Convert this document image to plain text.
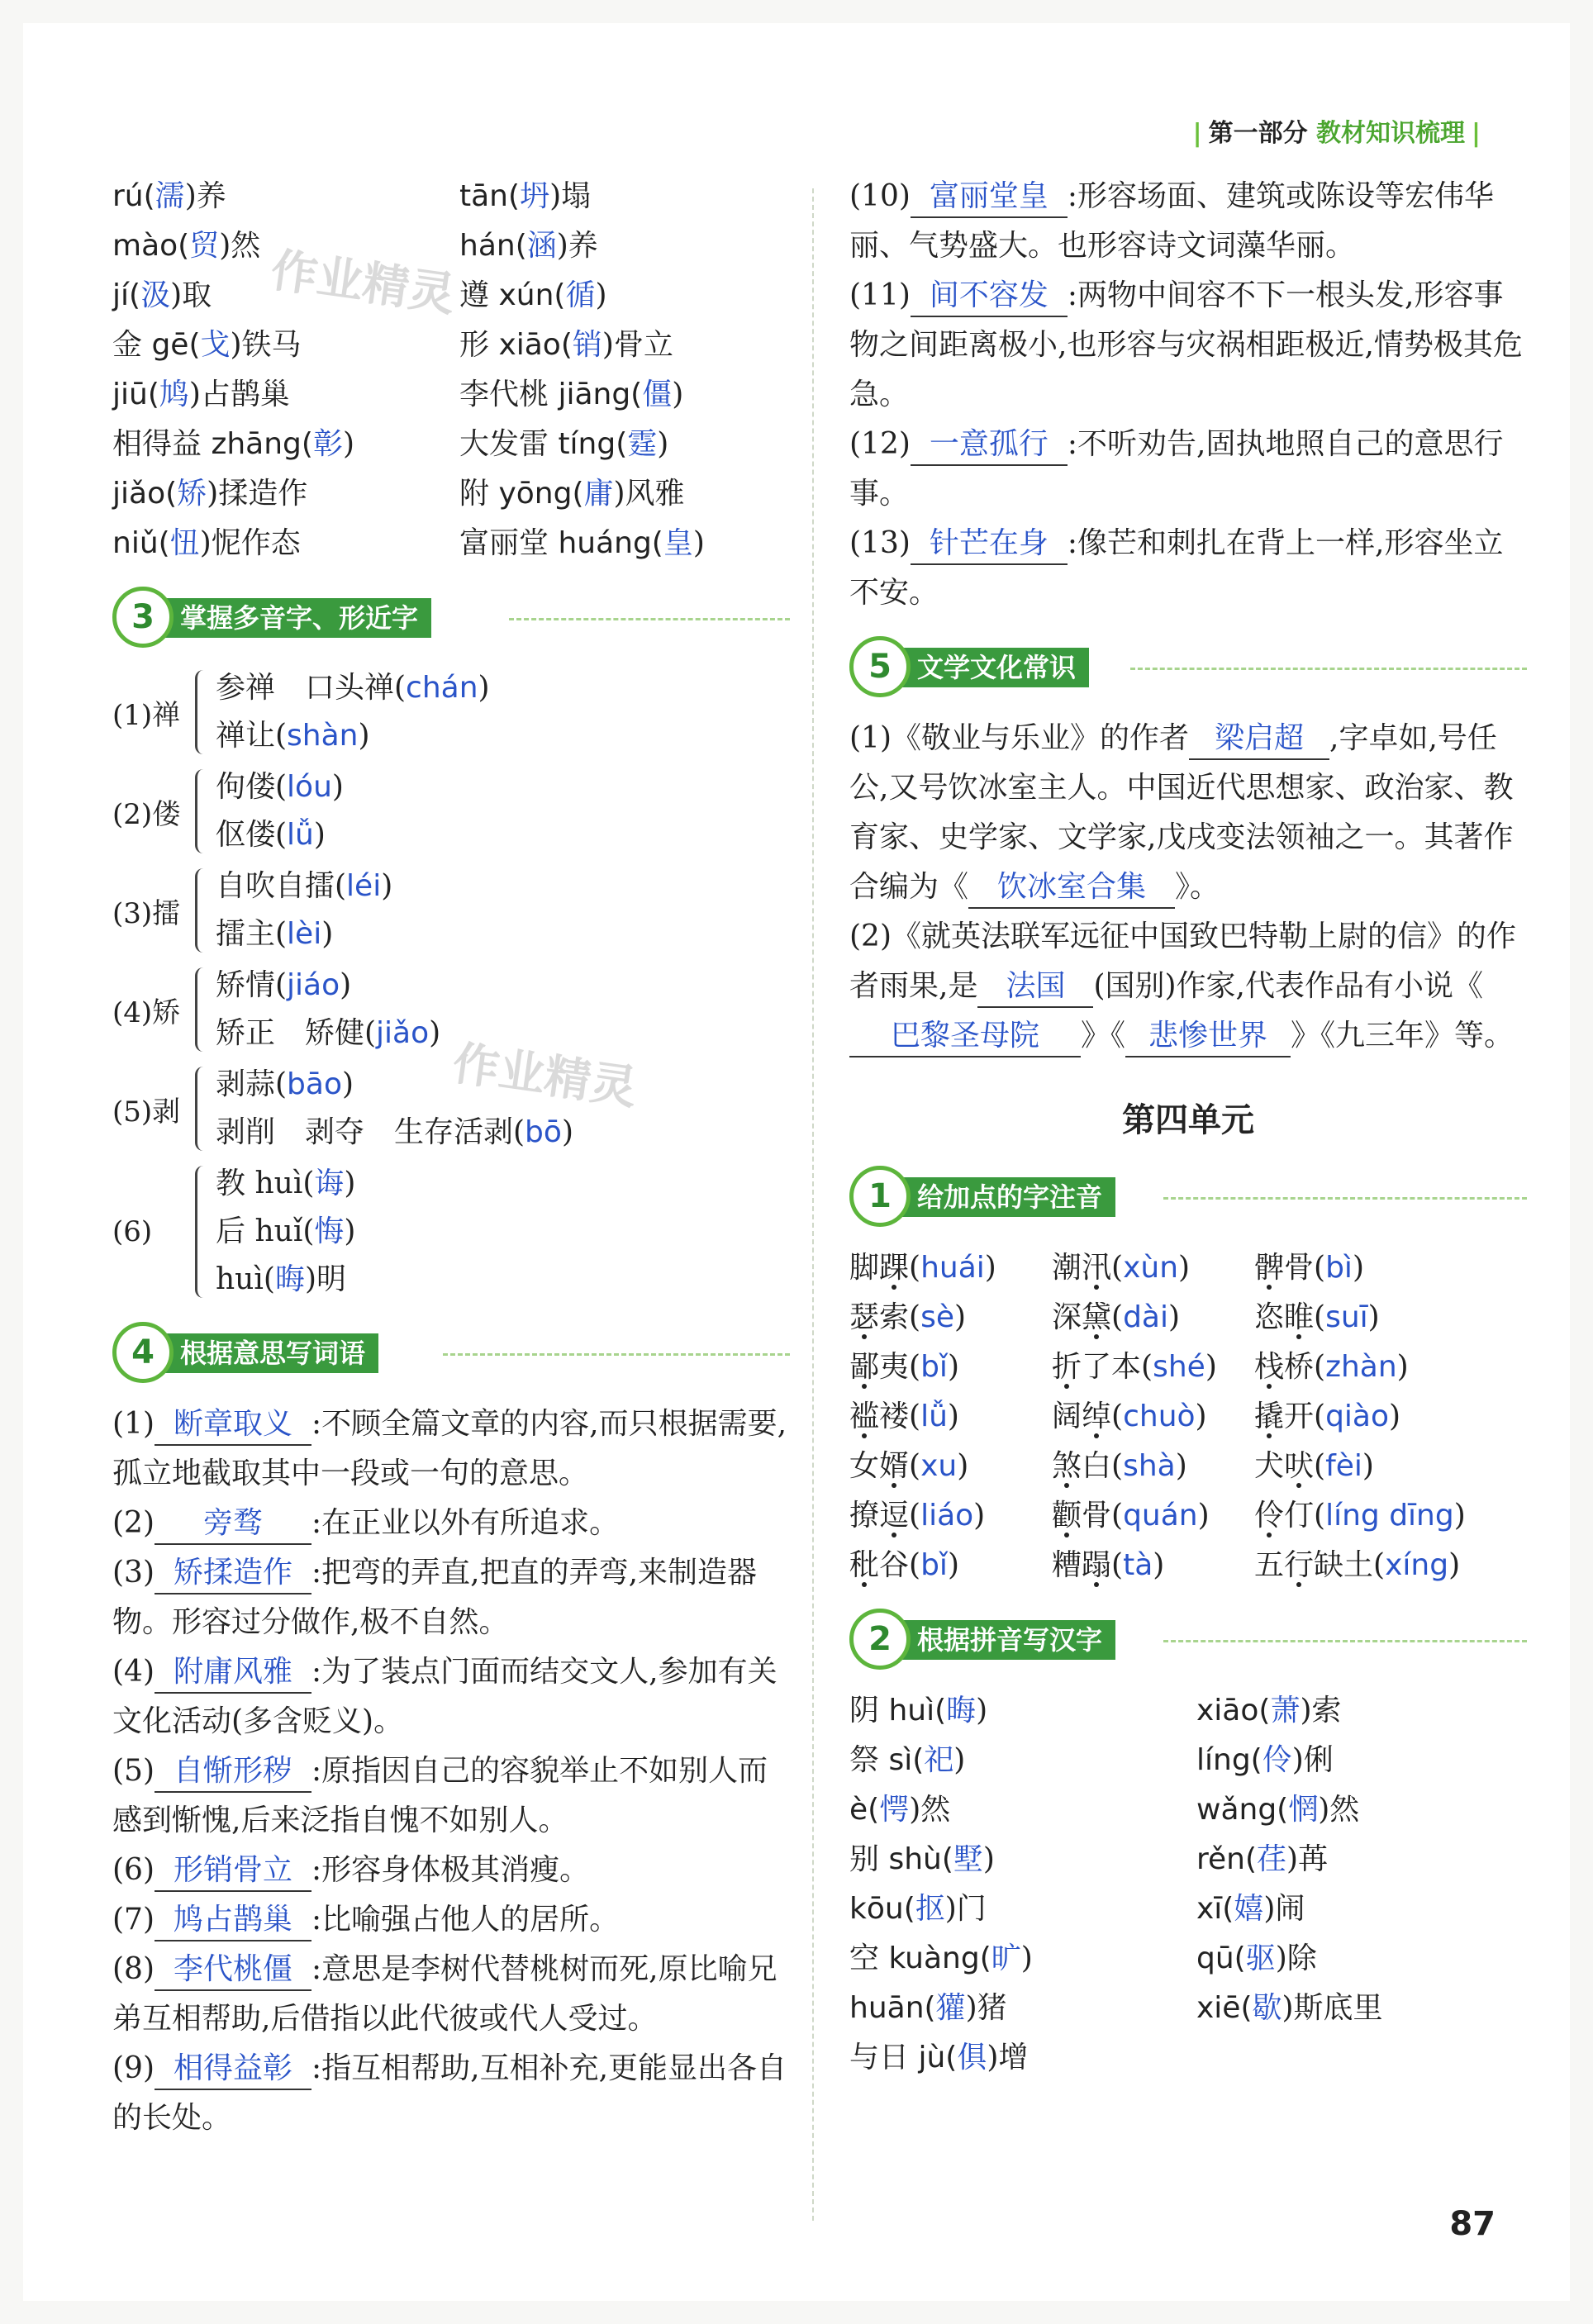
| 第一部分 教材知识梳理 |
作业精灵
作业精灵
rú(濡)养	tān(坍)塌
mào(贸)然	hán(涵)养
jí(汲)取	遵 xún(循)
金 gē(戈)铁马	形 xiāo(销)骨立
jiū(鸠)占鹊巢	李代桃 jiāng(僵)
相得益 zhāng(彰)	大发雷 tíng(霆)
jiǎo(矫)揉造作	附 yōng(庸)风雅
niǔ(忸)怩作态	富丽堂 huáng(皇)
掌握多音字、形近字
3
(1)禅
参禅　口头禅( chán )
禅让( shàn )
(2)偻
佝偻( lóu )
伛偻( lǚ )
(3)擂
自吹自擂( léi )
擂主( lèi )
(4)矫
矫情( jiáo )
矫正　矫健( jiǎo )
(5)剥
剥蒜( bāo )
剥削　剥夺　生存活剥( bō )
(6)
教 huì( 诲 )
后 huǐ( 悔 )
huì( 晦 )明
根据意思写词语
4
(1) 断章取义 :不顾全篇文章的内容,而只根据需要,孤立地截取其中一段或一句的意思。
(2) 旁骛 :在正业以外有所追求。
(3) 矫揉造作 :把弯的弄直,把直的弄弯,来制造器物。形容过分做作,极不自然。
(4) 附庸风雅 :为了装点门面而结交文人,参加有关文化活动(多含贬义)。
(5) 自惭形秽 :原指因自己的容貌举止不如别人而感到惭愧,后来泛指自愧不如别人。
(6) 形销骨立 :形容身体极其消瘦。
(7) 鸠占鹊巢 :比喻强占他人的居所。
(8) 李代桃僵 :意思是李树代替桃树而死,原比喻兄弟互相帮助,后借指以此代彼或代人受过。
(9) 相得益彰 :指互相帮助,互相补充,更能显出各自的长处。
(10) 富丽堂皇 :形容场面、建筑或陈设等宏伟华丽、气势盛大。也形容诗文词藻华丽。
(11) 间不容发 :两物中间容不下一根头发,形容事物之间距离极小,也形容与灾祸相距极近,情势极其危急。
(12) 一意孤行 :不听劝告,固执地照自己的意思行事。
(13) 针芒在身 :像芒和刺扎在背上一样,形容坐立不安。
文学文化常识
5
(1)《敬业与乐业》的作者 梁启超 ,字卓如,号任公,又号饮冰室主人。中国近代思想家、政治家、教育家、史学家、文学家,戊戌变法领袖之一。其著作合编为《 饮冰室合集 》。
(2)《就英法联军远征中国致巴特勒上尉的信》的作者雨果,是 法国 (国别)作家,代表作品有小说《巴黎圣母院 》《 悲惨世界 》《九三年》等。
第四单元
给加点的字注音
1
脚踝(huái)	潮汛(xùn)	髀骨(bì)
瑟索(sè)	深黛(dài)	恣睢(suī)
鄙夷(bǐ)	折了本(shé)	栈桥(zhàn)
褴褛(lǚ)	阔绰(chuò)	撬开(qiào)
女婿(xu)	煞白(shà)	犬吠(fèi)
撩逗(liáo)	颧骨(quán)	伶仃(líng dīng)
秕谷(bǐ)	糟蹋(tà)	五行缺土(xíng)
根据拼音写汉字
2
阴 huì(晦)	xiāo(萧)索
祭 sì(祀)	líng(伶)俐
è(愕)然	wǎng(惘)然
别 shù(墅)	rěn(荏)苒
kōu(抠)门	xī(嬉)闹
空 kuàng(旷)	qū(驱)除
huān(獾)猪	xiē(歇)斯底里
与日 jù(俱)增
87
